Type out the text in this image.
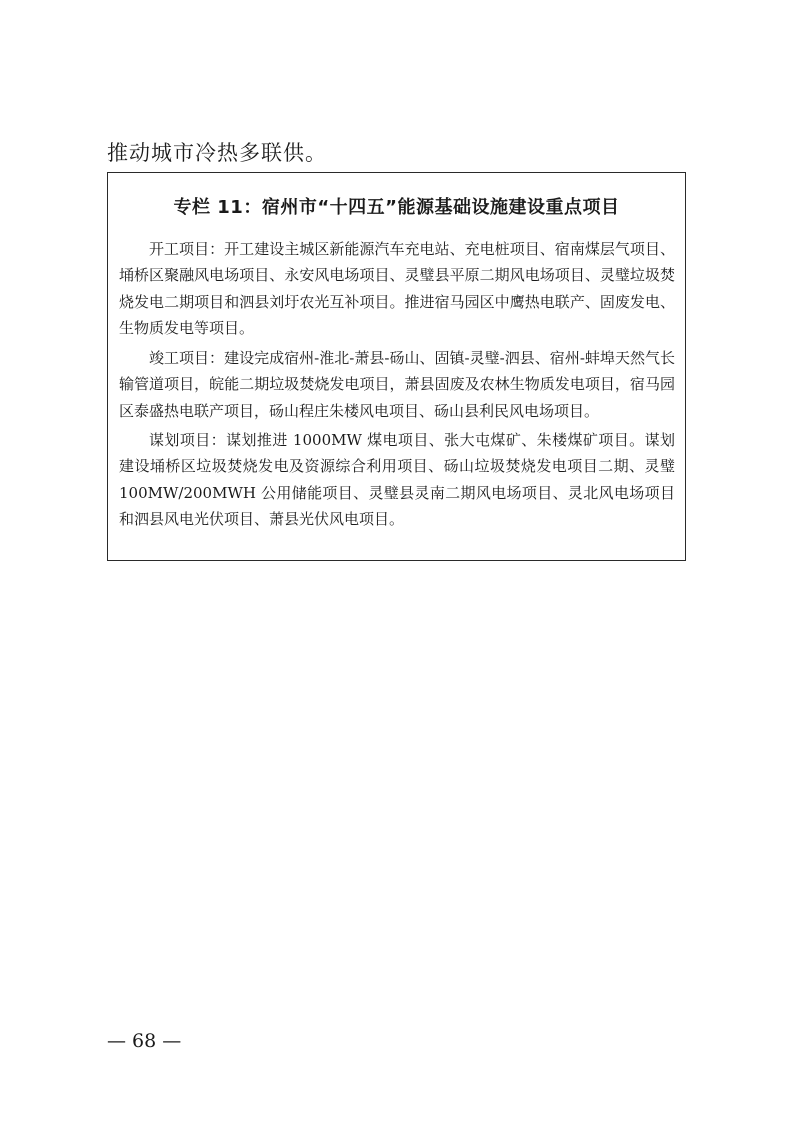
推动城市冷热多联供。
专栏 11：宿州市“十四五”能源基础设施建设重点项目

开工项目：开工建设主城区新能源汽车充电站、充电桩项目、宿南煤层气项目、埇桥区聚融风电场项目、永安风电场项目、灵璧县平原二期风电场项目、灵璧垃圾焚烧发电二期项目和泗县刘圩农光互补项目。推进宿马园区中鹰热电联产、固废发电、生物质发电等项目。

竣工项目：建设完成宿州-淮北-萧县-砀山、固镇-灵璧-泗县、宿州-蚌埠天然气长输管道项目，皖能二期垃圾焚烧发电项目，萧县固废及农林生物质发电项目，宿马园区泰盛热电联产项目，砀山程庄朱楼风电项目、砀山县利民风电场项目。

谋划项目：谋划推进 1000MW 煤电项目、张大屯煤矿、朱楼煤矿项目。谋划建设埇桥区垃圾焚烧发电及资源综合利用项目、砀山垃圾焚烧发电项目二期、灵璧 100MW/200MWH 公用储能项目、灵璧县灵南二期风电场项目、灵北风电场项目和泗县风电光伏项目、萧县光伏风电项目。

— 68 —
